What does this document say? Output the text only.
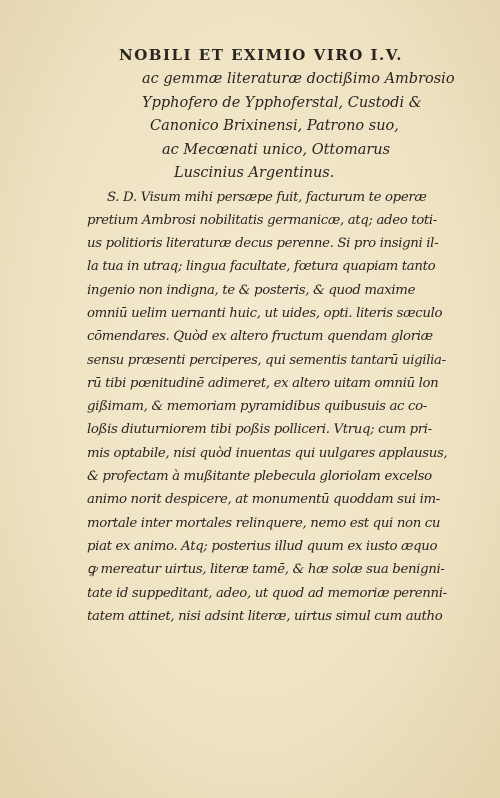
NOBILI ET EXIMIO VIRO I.V.
ac gemmæ literaturæ doctißimo Ambrosio
Ypphofero de Ypphoferstal, Custodi &
Canonico Brixinensi, Patrono suo,
ac Mecœnati unico, Ottomarus
Luscinius Argentinus.
S. D. Visum mihi persæpe fuit, facturum te operæ
pretium Ambrosi nobilitatis germanicæ, atq; adeo toti-
us politioris literaturæ decus perenne. Si pro insigni il-
la tua in utraq; lingua facultate, fœtura quapiam tanto
ingenio non indigna, te & posteris, & quod maxime
omniū uelim uernanti huic, ut uides, opti. literis sæculo
cōmendares. Quòd ex altero fructum quendam gloriæ
sensu præsenti perciperes, qui sementis tantarū uigilia-
rū tibi pœnitudinē adimeret, ex altero uitam omniū lon
gißimam, & memoriam pyramidibus quibusuis ac co-
loßis diuturniorem tibi poßis polliceri. Vtruq; cum pri-
mis optabile, nisi quòd inuentas qui uulgares applausus,
& profectam à mußitante plebecula gloriolam excelso
animo norit despicere, at monumentū quoddam sui im-
mortale inter mortales relinquere, nemo est qui non cu
piat ex animo. Atq; posterius illud quum ex iusto æquo
ꝙ mereatur uirtus, literæ tamē, & hæ solæ sua benigni-
tate id suppeditant, adeo, ut quod ad memoriæ perenni-
tatem attinet, nisi adsint literæ, uirtus simul cum autho
